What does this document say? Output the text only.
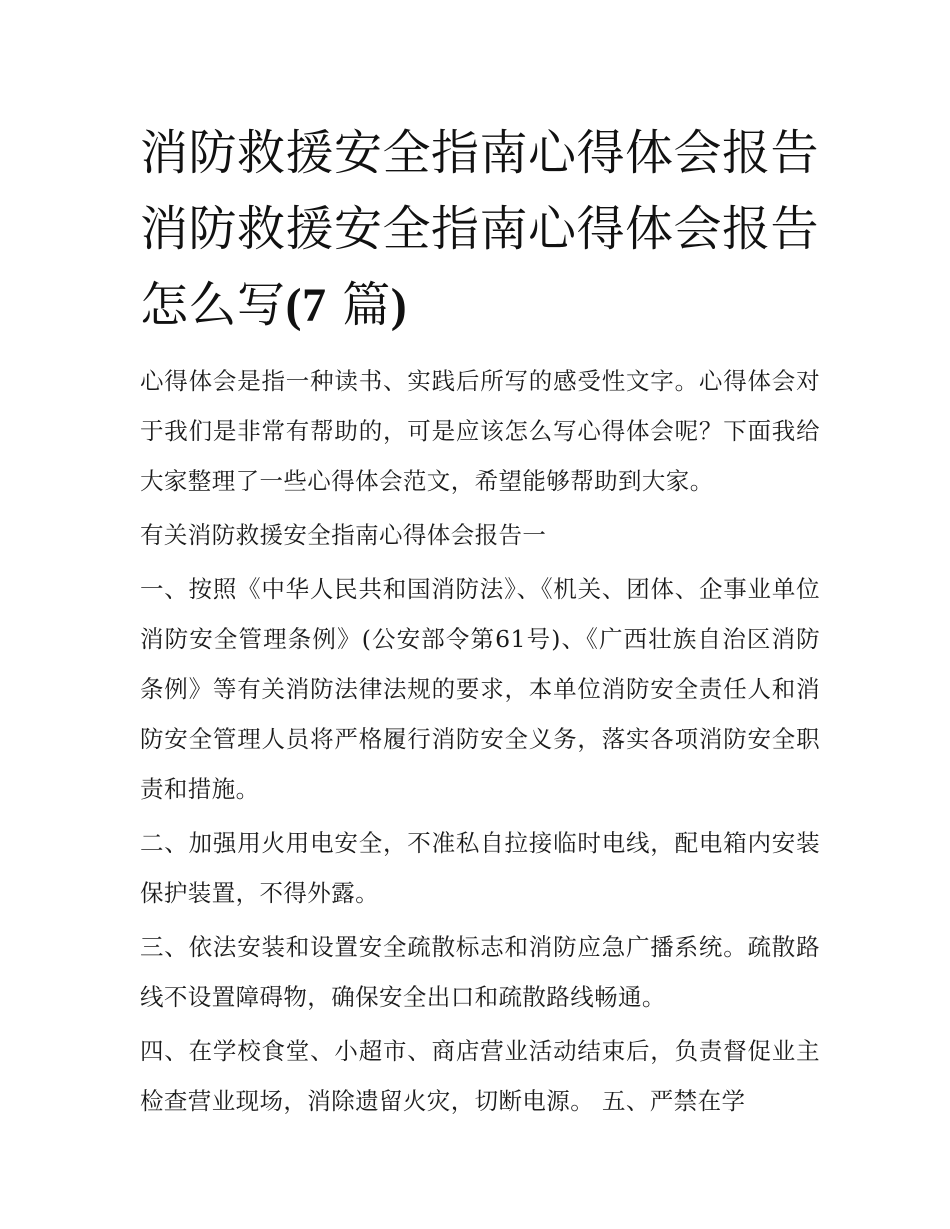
消防救援安全指南心得体会报告 消防救援安全指南心得体会报告怎么写(7 篇)

心得体会是指一种读书、实践后所写的感受性文字。心得体会对于我们是非常有帮助的，可是应该怎么写心得体会呢？下面我给大家整理了一些心得体会范文，希望能够帮助到大家。

有关消防救援安全指南心得体会报告一

一、按照《中华人民共和国消防法》、《机关、团体、企事业单位消防安全管理条例》(公安部令第61号)、《广西壮族自治区消防条例》等有关消防法律法规的要求，本单位消防安全责任人和消防安全管理人员将严格履行消防安全义务，落实各项消防安全职责和措施。

二、加强用火用电安全，不准私自拉接临时电线，配电箱内安装保护装置，不得外露。

三、依法安装和设置安全疏散标志和消防应急广播系统。疏散路线不设置障碍物，确保安全出口和疏散路线畅通。

四、在学校食堂、小超市、商店营业活动结束后，负责督促业主检查营业现场，消除遗留火灾，切断电源。 五、严禁在学
